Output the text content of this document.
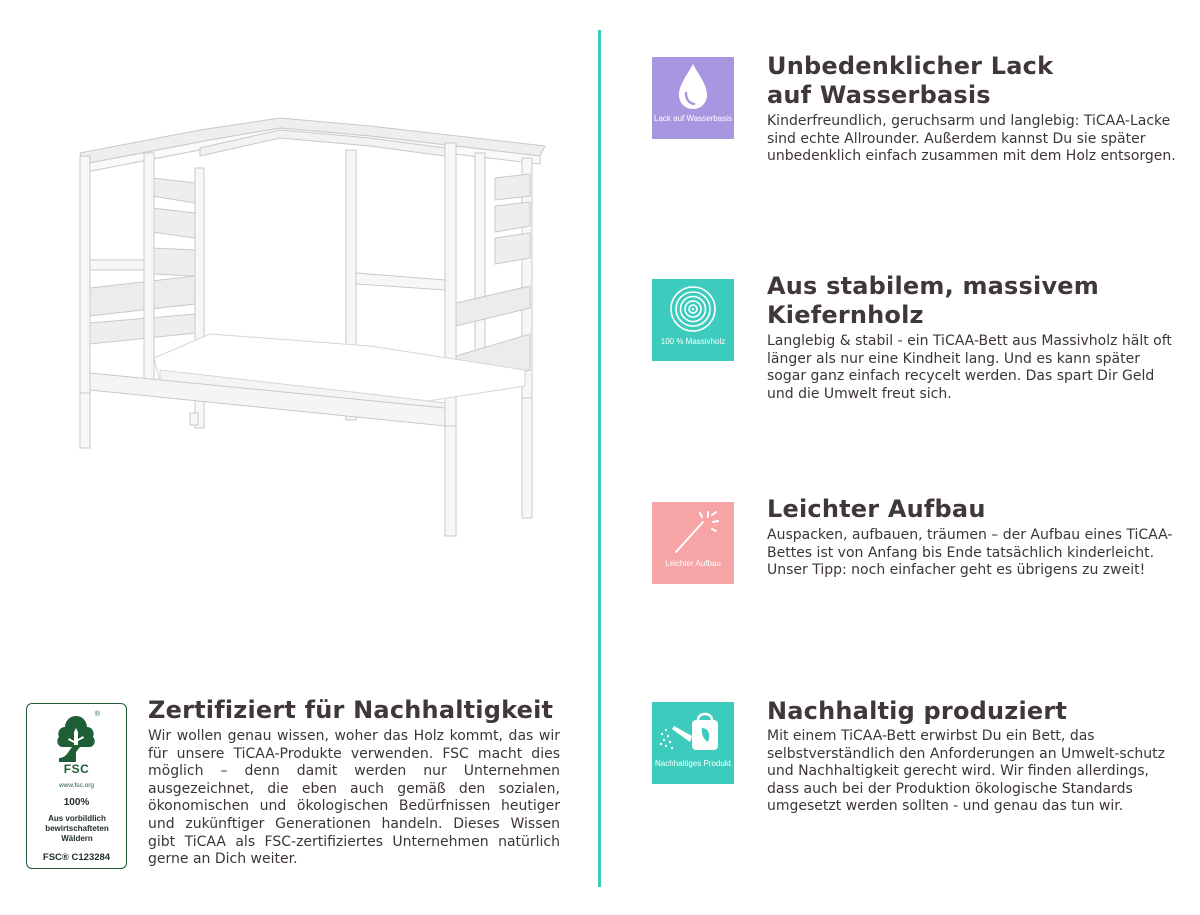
®
FSC
www.fsc.org
100%
Aus vorbildlich bewirtschafteten Wäldern
FSC® C123284
Zertifiziert für Nachhaltigkeit

Wir wollen genau wissen, woher das Holz kommt, das wir für unsere TiCAA-Produkte verwenden. FSC macht dies möglich – denn damit werden nur Unternehmen ausgezeichnet, die eben auch gemäß den sozialen, ökonomischen und ökologischen Bedürfnissen heutiger und zukünftiger Generationen handeln. Dieses Wissen gibt TiCAA als FSC-zertifiziertes Unternehmen natürlich gerne an Dich weiter.

Lack auf Wasserbasis
Unbedenklicher Lack auf Wasserbasis

Kinderfreundlich, geruchsarm und langlebig: TiCAA-Lacke sind echte Allrounder. Außerdem kannst Du sie später unbedenklich einfach zusammen mit dem Holz entsorgen.

100 % Massivholz
Aus stabilem, massivem Kiefernholz

Langlebig & stabil - ein TiCAA-Bett aus Massivholz hält oft länger als nur eine Kindheit lang. Und es kann später sogar ganz einfach recycelt werden. Das spart Dir Geld und die Umwelt freut sich.

Leichter Aufbau
Leichter Aufbau

Auspacken, aufbauen, träumen – der Aufbau eines TiCAA-Bettes ist von Anfang bis Ende tatsächlich kinderleicht. Unser Tipp: noch einfacher geht es übrigens zu zweit!

Nachhaltiges Produkt
Nachhaltig produziert

Mit einem TiCAA-Bett erwirbst Du ein Bett, das selbstverständlich den Anforderungen an Umwelt-schutz und Nachhaltigkeit gerecht wird. Wir finden allerdings, dass auch bei der Produktion ökologische Standards umgesetzt werden sollten - und genau das tun wir.
